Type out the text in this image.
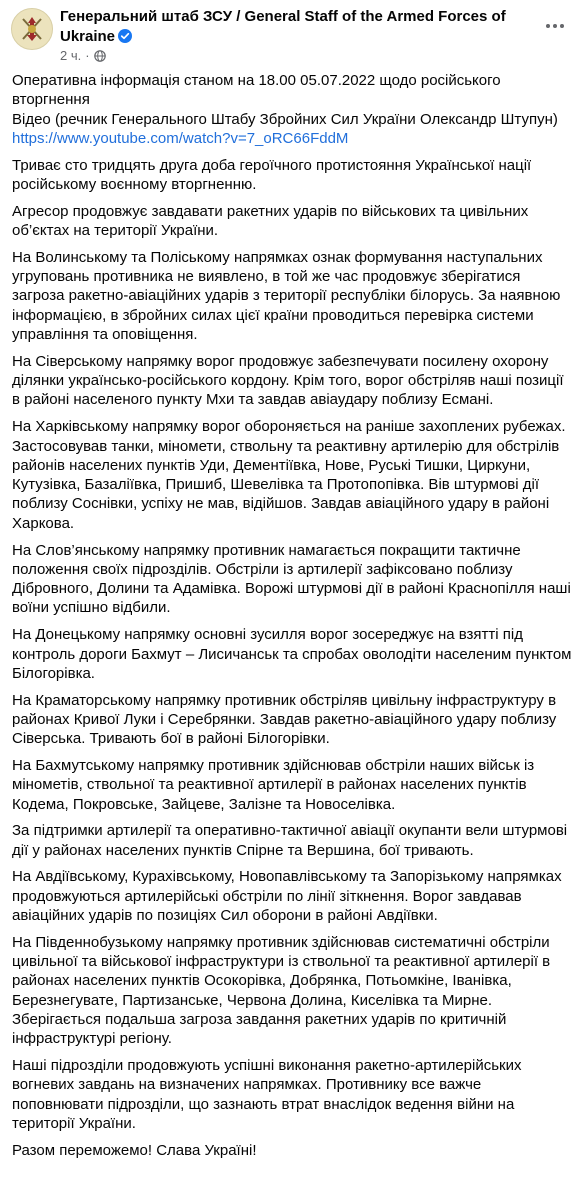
Генеральний штаб ЗСУ / General Staff of the Armed Forces of Ukraine
2 ч. ·

Оперативна інформація станом на 18.00 05.07.2022 щодо російського вторгнення
Відео (речник Генерального Штабу Збройних Сил України Олександр Штупун)
https://www.youtube.com/watch?v=7_oRC66FddM

Триває сто тридцять друга доба героїчного протистояння Української нації російському воєнному вторгненню.

Агресор продовжує завдавати ракетних ударів по військових та цивільних об’єктах на території України.

На Волинському та Поліському напрямках ознак формування наступальних угруповань противника не виявлено, в той же час продовжує зберігатися загроза ракетно-авіаційних ударів з території республіки білорусь. За наявною інформацією, в збройних силах цієї країни проводиться перевірка системи управління та оповіщення.

На Сіверському напрямку ворог продовжує забезпечувати посилену охорону ділянки українсько-російського кордону. Крім того, ворог обстріляв наші позиції в районі населеного пункту Мхи та завдав авіаудару поблизу Есмані.

На Харківському напрямку ворог обороняється на раніше захоплених рубежах. Застосовував танки, міномети, ствольну та реактивну артилерію для обстрілів районів населених пунктів Уди, Дементіївка, Нове, Руські Тишки, Циркуни, Кутузівка, Базаліївка, Пришиб, Шевелівка та Протопопівка. Вів штурмові дії поблизу Соснівки, успіху не мав, відійшов. Завдав авіаційного удару в районі Харкова.

На Слов’янському напрямку противник намагається покращити тактичне положення своїх підрозділів. Обстріли із артилерії зафіксовано поблизу Дібровного, Долини та Адамівка. Ворожі штурмові дії в районі Краснопілля наші воїни успішно відбили.

На Донецькому напрямку основні зусилля ворог зосереджує на взятті під контроль дороги Бахмут – Лисичанськ та спробах оволодіти населеним пунктом Білогорівка.

На Краматорському напрямку противник обстріляв цивільну інфраструктуру в районах Кривої Луки і Серебрянки. Завдав ракетно-авіаційного удару поблизу Сіверська. Тривають бої в районі Білогорівки.

На Бахмутському напрямку противник здійснював обстріли наших військ із мінометів, ствольної та реактивної артилерії в районах населених пунктів Кодема, Покровське, Зайцеве, Залізне та Новоселівка.

За підтримки артилерії та оперативно-тактичної авіації окупанти вели штурмові дії у районах населених пунктів Спірне та Вершина, бої тривають.

На Авдіївському, Курахівському, Новопавлівському та Запорізькому напрямках продовжуються артилерійські обстріли по лінії зіткнення. Ворог завдавав авіаційних ударів по позиціях Сил оборони в районі Авдіївки.

На Південнобузькому напрямку противник здійснював систематичні обстріли цивільної та військової інфраструктури із ствольної та реактивної артилерії в районах населених пунктів Осокорівка, Добрянка, Потьомкіне, Іванівка, Березнегувате, Партизанське, Червона Долина, Киселівка та Мирне. Зберігається подальша загроза завдання ракетних ударів по критичній інфраструктурі регіону.

Наші підрозділи продовжують успішні виконання ракетно-артилерійських вогневих завдань на визначених напрямках. Противнику все важче поповнювати підрозділи, що зазнають втрат внаслідок ведення війни на території України.

Разом переможемо! Слава Україні!
